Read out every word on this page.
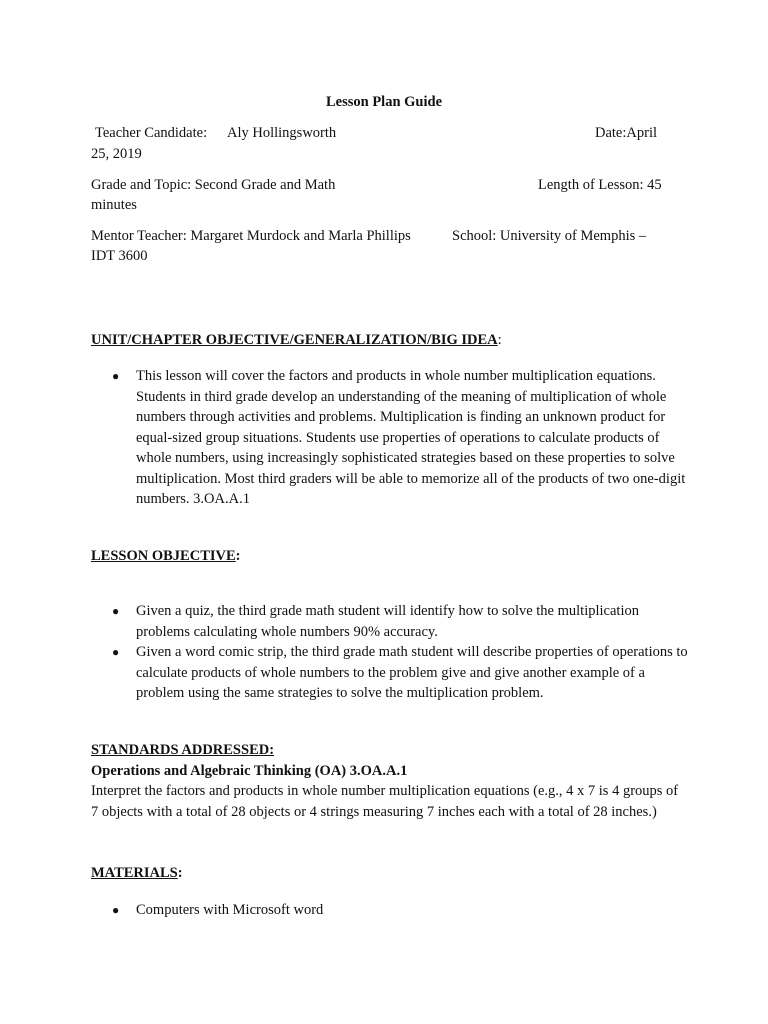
Lesson Plan Guide
Teacher Candidate: Aly Hollingsworth	Date:April
25, 2019
Grade and Topic: Second Grade and Math	Length of Lesson: 45
minutes
Mentor Teacher: Margaret Murdock and Marla Phillips	School: University of Memphis –
IDT 3600
UNIT/CHAPTER OBJECTIVE/GENERALIZATION/BIG IDEA:
● This lesson will cover the factors and products in whole number multiplication equations. Students in third grade develop an understanding of the meaning of multiplication of whole numbers through activities and problems. Multiplication is finding an unknown product for equal-sized group situations. Students use properties of operations to calculate products of whole numbers, using increasingly sophisticated strategies based on these properties to solve multiplication. Most third graders will be able to memorize all of the products of two one-digit numbers. 3.OA.A.1
LESSON OBJECTIVE:
● Given a quiz, the third grade math student will identify how to solve the multiplication problems calculating whole numbers 90% accuracy.
● Given a word comic strip, the third grade math student will describe properties of operations to calculate products of whole numbers to the problem give and give another example of a problem using the same strategies to solve the multiplication problem.
STANDARDS ADDRESSED:
Operations and Algebraic Thinking (OA) 3.OA.A.1
Interpret the factors and products in whole number multiplication equations (e.g., 4 x 7 is 4 groups of 7 objects with a total of 28 objects or 4 strings measuring 7 inches each with a total of 28 inches.)
MATERIALS:
● Computers with Microsoft word
